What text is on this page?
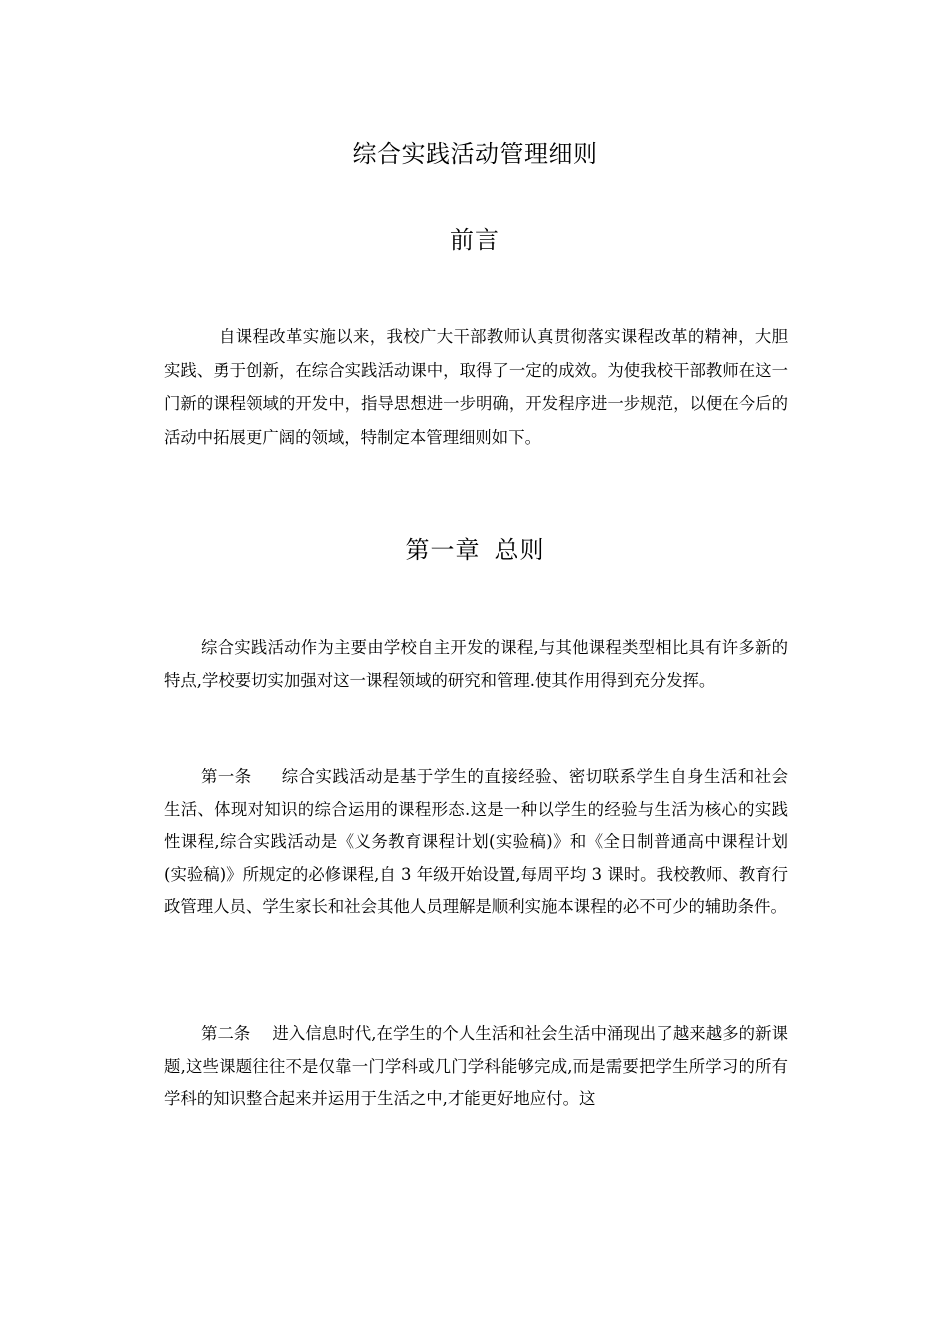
综合实践活动管理细则
前言

自课程改革实施以来，我校广大干部教师认真贯彻落实课程改革的精神，大胆实践、勇于创新，在综合实践活动课中，取得了一定的成效。为使我校干部教师在这一门新的课程领域的开发中，指导思想进一步明确，开发程序进一步规范，以便在今后的活动中拓展更广阔的领域，特制定本管理细则如下。

第一章 总则

综合实践活动作为主要由学校自主开发的课程,与其他课程类型相比具有许多新的特点,学校要切实加强对这一课程领域的研究和管理.使其作用得到充分发挥。

第一条 综合实践活动是基于学生的直接经验、密切联系学生自身生活和社会生活、体现对知识的综合运用的课程形态.这是一种以学生的经验与生活为核心的实践性课程,综合实践活动是《义务教育课程计划(实验稿)》和《全日制普通高中课程计划(实验稿)》所规定的必修课程,自 3 年级开始设置,每周平均 3 课时。我校教师、教育行 政管理人员、学生家长和社会其他人员理解是顺利实施本课程的必不可少的辅助条件。

第二条 进入信息时代,在学生的个人生活和社会生活中涌现出了越来越多的新课题,这些课题往往不是仅靠一门学科或几门学科能够完成,而是需要把学生所学习的所有学科的知识整合起来并运用于生活之中,才能更好地应付。这
